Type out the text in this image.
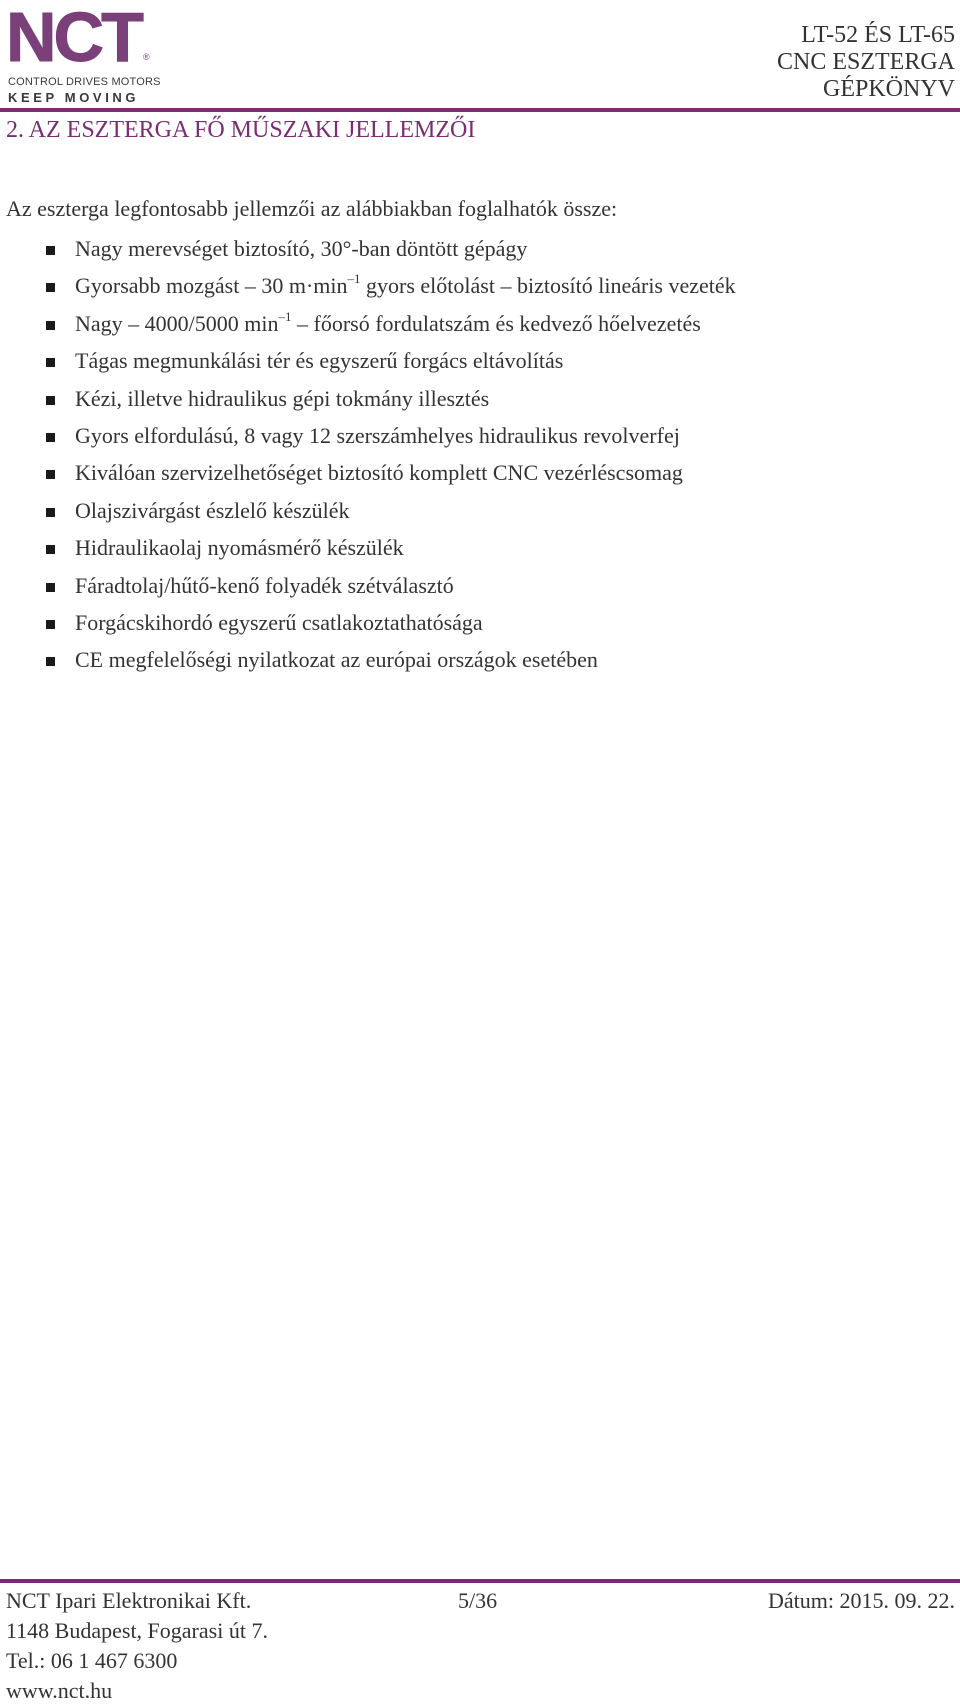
NCT ®
CONTROL DRIVES MOTORS
KEEP MOVING
LT-52 ÉS LT-65
CNC ESZTERGA
GÉPKÖNYV
2. AZ ESZTERGA FŐ MŰSZAKI JELLEMZŐI
Az eszterga legfontosabb jellemzői az alábbiakban foglalhatók össze:
Nagy merevséget biztosító, 30°-ban döntött gépágy
Gyorsabb mozgást – 30 $m\cdot\min^{-1}$ gyors előtolást – biztosító lineáris vezeték
Nagy – 4000/5000 $\min^{-1}$ – főorsó fordulatszám és kedvező hőelvezetés
Tágas megmunkálási tér és egyszerű forgács eltávolítás
Kézi, illetve hidraulikus gépi tokmány illesztés
Gyors elfordulású, 8 vagy 12 szerszámhelyes hidraulikus revolverfej
Kiválóan szervizelhetőséget biztosító komplett CNC vezérléscsomag
Olajszivárgást észlelő készülék
Hidraulikaolaj nyomásmérő készülék
Fáradtolaj/hűtő-kenő folyadék szétválasztó
Forgácskihordó egyszerű csatlakoztathatósága
CE megfelelőségi nyilatkozat az európai országok esetében
NCT Ipari Elektronikai Kft.	5/36	Dátum: 2015. 09. 22.
1148 Budapest, Fogarasi út 7.
Tel.: 06 1 467 6300
www.nct.hu
